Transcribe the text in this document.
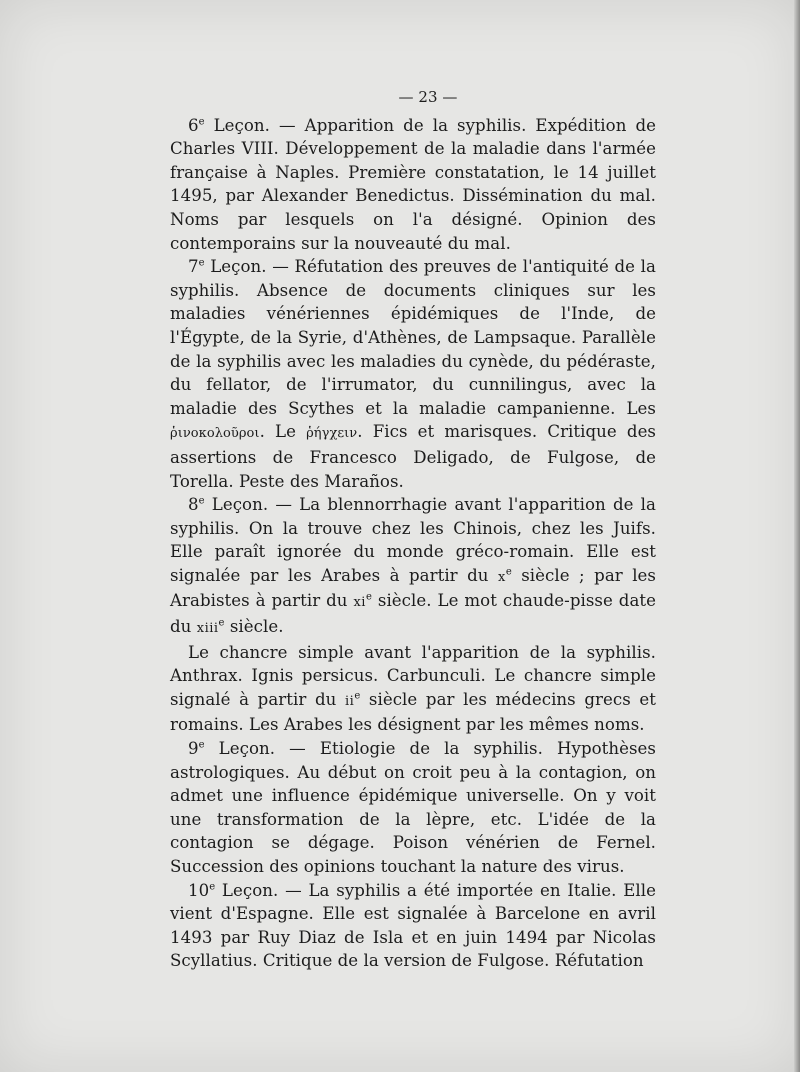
— 23 —

6e Leçon. — Apparition de la syphilis. Expédition de Charles VIII. Développement de la maladie dans l'armée française à Naples. Première constatation, le 14 juillet 1495, par Alexander Benedictus. Dissémination du mal. Noms par lesquels on l'a désigné. Opinion des contemporains sur la nouveauté du mal.

7e Leçon. — Réfutation des preuves de l'antiquité de la syphilis. Absence de documents cliniques sur les maladies vénériennes épidémiques de l'Inde, de l'Égypte, de la Syrie, d'Athènes, de Lampsaque. Parallèle de la syphilis avec les maladies du cynède, du pédéraste, du fellator, de l'irrumator, du cunnilingus, avec la maladie des Scythes et la maladie campanienne. Les ῥινοκολοῦροι. Le ῥήγχειν. Fics et marisques. Critique des assertions de Francesco Deligado, de Fulgose, de Torella. Peste des Maraños.

8e Leçon. — La blennorrhagie avant l'apparition de la syphilis. On la trouve chez les Chinois, chez les Juifs. Elle paraît ignorée du monde gréco-romain. Elle est signalée par les Arabes à partir du $x^e$ siècle ; par les Arabistes à partir du $xi^e$ siècle. Le mot chaude-pisse date du xiii$^e$ siècle.

Le chancre simple avant l'apparition de la syphilis. Anthrax. Ignis persicus. Carbunculi. Le chancre simple signalé à partir du $ii^e$ siècle par les médecins grecs et romains. Les Arabes les désignent par les mêmes noms.

9e Leçon. — Etiologie de la syphilis. Hypothèses astrologiques. Au début on croit peu à la contagion, on admet une influence épidémique universelle. On y voit une transformation de la lèpre, etc. L'idée de la contagion se dégage. Poison vénérien de Fernel. Succession des opinions touchant la nature des virus.

10e Leçon. — La syphilis a été importée en Italie. Elle vient d'Espagne. Elle est signalée à Barcelone en avril 1493 par Ruy Diaz de Isla et en juin 1494 par Nicolas Scyllatius. Critique de la version de Fulgose. Réfutation
